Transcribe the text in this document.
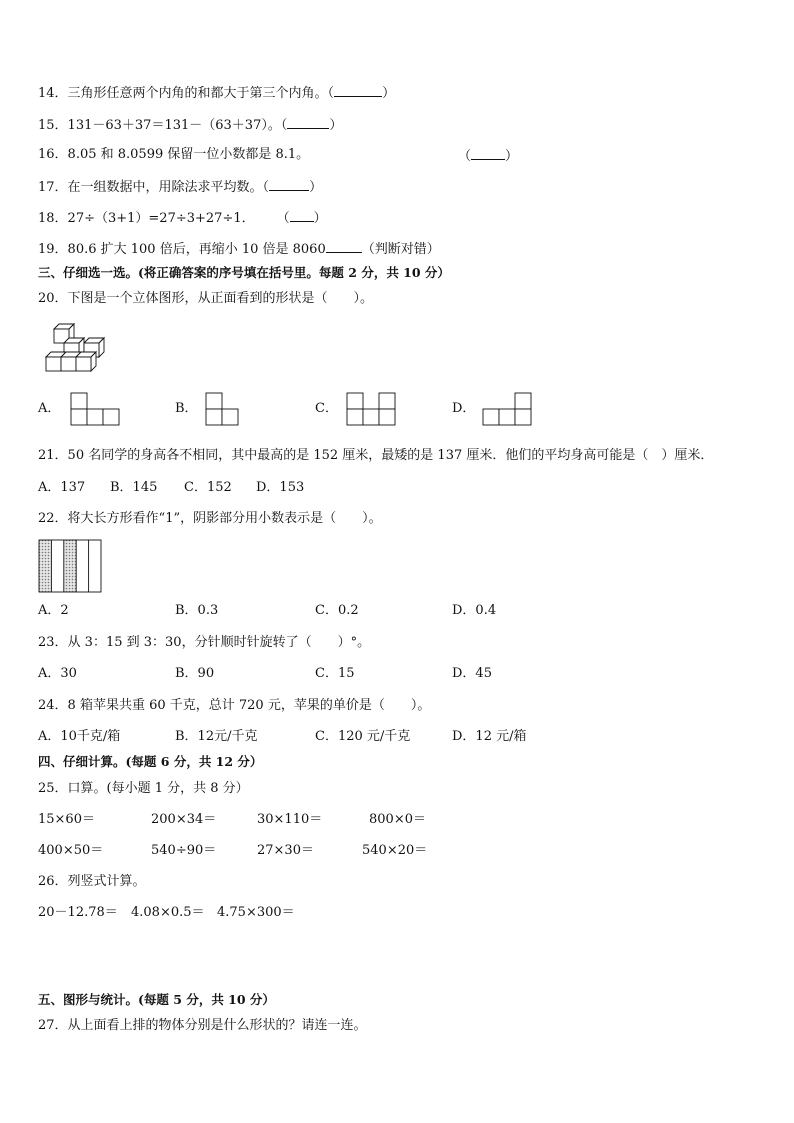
14．三角形任意两个内角的和都大于第三个内角。（	）
15．131－63＋37＝131－（63＋37）。（	）
16．8.05 和 8.0599 保留一位小数都是 8.1。	（	）
17．在一组数据中，用除法求平均数。（	）
18．27÷（3+1）=27÷3+27÷1． （ ）
19．80.6 扩大 100 倍后，再缩小 10 倍是 8060	（判断对错）
三、仔细选一选。(将正确答案的序号填在括号里。每题 2 分，共 10 分）
20．下图是一个立体图形，从正面看到的形状是（　　）。
A．	B．	C．	D．
21．50 名同学的身高各不相同，其中最高的是 152 厘米，最矮的是 137 厘米．他们的平均身高可能是（　）厘米．
A．137 B．145 C．152 D．153
22．将大长方形看作“1”，阴影部分用小数表示是（　　）。
A．2	B．0.3	C．0.2	D．0.4
23．从 3：15 到 3：30，分针顺时针旋转了（　　）°。
A．30	B．90	C．15	D．45
24．8 箱苹果共重 60 千克，总计 720 元，苹果的单价是（　　）。
A．10千克/箱	B．12元/千克	C．120 元/千克	D．12 元/箱
四、仔细计算。(每题 6 分，共 12 分）
25．口算。(每小题 1 分，共 8 分）
15×60＝	200×34＝	30×110＝	800×0＝
400×50＝	540÷90＝	27×30＝	540×20＝
26．列竖式计算。
20－12.78＝ 4.08×0.5＝ 4.75×300＝
五、图形与统计。(每题 5 分，共 10 分）
27．从上面看上排的物体分别是什么形状的？请连一连。
